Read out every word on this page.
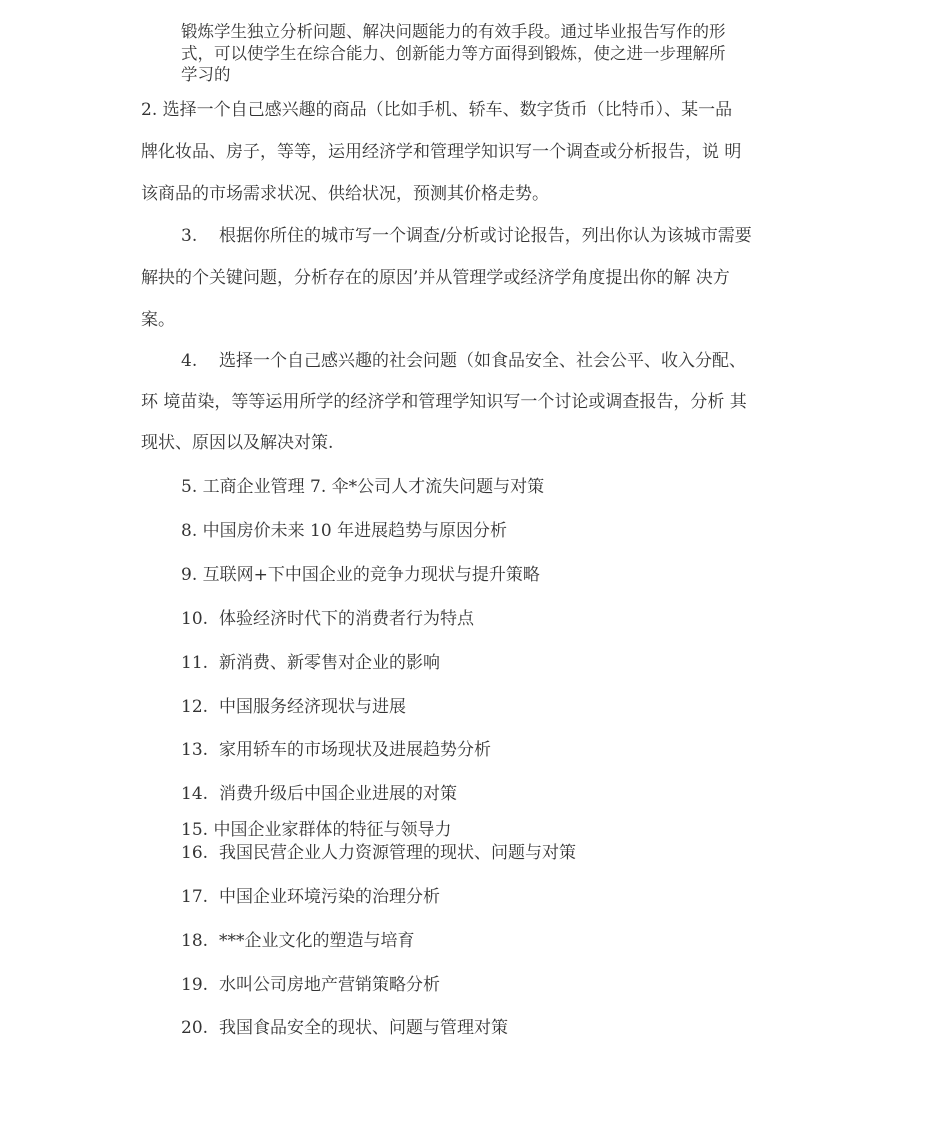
锻炼学生独立分析问题、解决问题能力的有效手段。通过毕业报告写作的形
式，可以使学生在综合能力、创新能力等方面得到锻炼，使之进一步理解所
学习的
2. 选择一个自己感兴趣的商品（比如手机、轿车、数字货币（比特币）、某一品
牌化妆品、房子，等等，运用经济学和管理学知识写一个调查或分析报告，说 明
该商品的市场需求状况、供给状况，预测其价格走势。
3. 根据你所住的城市写一个调查/分析或讨论报告，列出你认为该城市需要
解抉的个关键问题，分析存在的原因’并从管理学或经济学角度提出你的解 决方
案。
4. 选择一个自己感兴趣的社会问题（如食品安全、社会公平、收入分配、
环 境苗染，等等运用所学的经济学和管理学知识写一个讨论或调查报告，分析 其
现状、原因以及解决对策.
5. 工商企业管理 7. 伞*公司人才流失问题与对策
8. 中国房价未来 10 年进展趋势与原因分析
9. 互联网+下中国企业的竞争力现状与提升策略
10. 体验经济时代下的消费者行为特点
11. 新消费、新零售对企业的影响
12. 中国服务经济现状与进展
13. 家用轿车的市场现状及进展趋势分析
14. 消费升级后中国企业进展的对策
15. 中国企业家群体的特征与领导力
16. 我国民营企业人力资源管理的现状、问题与对策
17. 中国企业环境污染的治理分析
18. ***企业文化的塑造与培育
19. 水叫公司房地产营销策略分析
20. 我国食品安全的现状、问题与管理对策
